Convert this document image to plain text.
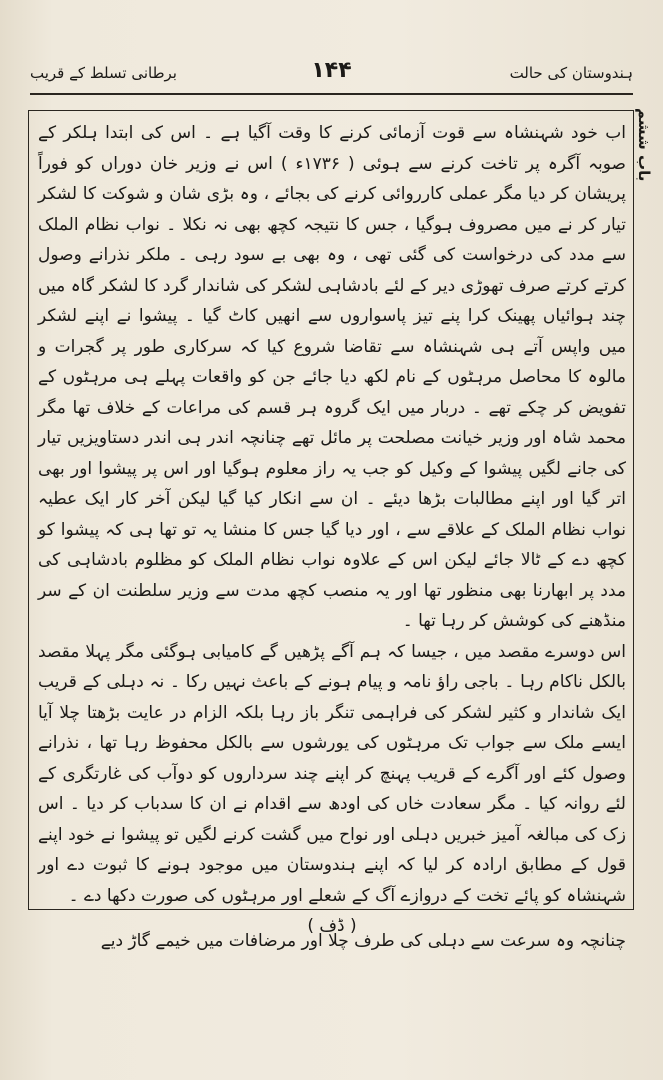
ہندوستان کی حالت
۱۴۴
برطانی تسلط کے قریب
باب ششم

اب خود شہنشاہ سے قوت آزمائی کرنے کا وقت آگیا ہے ۔ اس کی ابتدا ہلکر کے صوبہ آگرہ پر تاخت کرنے سے ہوئی ( ۱۷۳۶ء ) اس نے وزیر خان دوراں کو فوراً پریشان کر دیا مگر عملی کارروائی کرنے کی بجائے ، وہ بڑی شان و شوکت کا لشکر تیار کر نے میں مصروف ہوگیا ، جس کا نتیجہ کچھ بھی نہ نکلا ۔ نواب نظام الملک سے مدد کی درخواست کی گئی تھی ، وہ بھی بے سود رہی ۔ ملکر نذرانے وصول کرتے کرتے صرف تھوڑی دیر کے لئے بادشاہی لشکر کی شاندار گرد کا لشکر گاہ میں چند ہوائیاں پھینک کرا پنے تیز پاسواروں سے انھیں کاٹ گیا ۔ پیشوا نے اپنے لشکر میں واپس آتے ہی شہنشاہ سے تقاضا شروع کیا کہ سرکاری طور پر گجرات و مالوہ کا محاصل مرہٹوں کے نام لکھ دیا جائے جن کو واقعات پہلے ہی مرہٹوں کے تفویض کر چکے تھے ۔ دربار میں ایک گروہ ہر قسم کی مراعات کے خلاف تھا مگر محمد شاہ اور وزیر خیانت مصلحت پر مائل تھے چنانچہ اندر ہی اندر دستاویزیں تیار کی جانے لگیں پیشوا کے وکیل کو جب یہ راز معلوم ہوگیا اور اس پر پیشوا اور بھی اتر گیا اور اپنے مطالبات بڑھا دیئے ۔ ان سے انکار کیا گیا لیکن آخر کار ایک عطیہ نواب نظام الملک کے علاقے سے ، اور دیا گیا جس کا منشا یہ تو تھا ہی کہ پیشوا کو کچھ دے کے ٹالا جائے لیکن اس کے علاوہ نواب نظام الملک کو مظلوم بادشاہی کی مدد پر ابھارنا بھی منظور تھا اور یہ منصب کچھ مدت سے وزیر سلطنت ان کے سر منڈھنے کی کوشش کر رہا تھا ۔

اس دوسرے مقصد میں ، جیسا کہ ہم آگے پڑھیں گے کامیابی ہوگئی مگر پہلا مقصد بالکل ناکام رہا ۔ باجی راؤ نامہ و پیام ہونے کے باعث نہیں رکا ۔ نہ دہلی کے قریب ایک شاندار و کثیر لشکر کی فراہمی تنگر باز رہا بلکہ الزام در عایت بڑھتا چلا آیا ایسے ملک سے جواب تک مرہٹوں کی یورشوں سے بالکل محفوظ رہا تھا ، نذرانے وصول کئے اور آگرے کے قریب پہنچ کر اپنے چند سرداروں کو دوآب کی غارتگری کے لئے روانہ کیا ۔ مگر سعادت خاں کی اودھ سے اقدام نے ان کا سدباب کر دیا ۔ اس زک کی مبالغہ آمیز خبریں دہلی اور نواح میں گشت کرنے لگیں تو پیشوا نے خود اپنے قول کے مطابق ارادہ کر لیا کہ اپنے ہندوستان میں موجود ہونے کا ثبوت دے اور شہنشاہ کو پائے تخت کے دروازے آگ کے شعلے اور مرہٹوں کی صورت دکھا دے ۔

( ڈف )

چنانچہ وہ سرعت سے دہلی کی طرف چلا اور مرضافات میں خیمے گاڑ دیے
